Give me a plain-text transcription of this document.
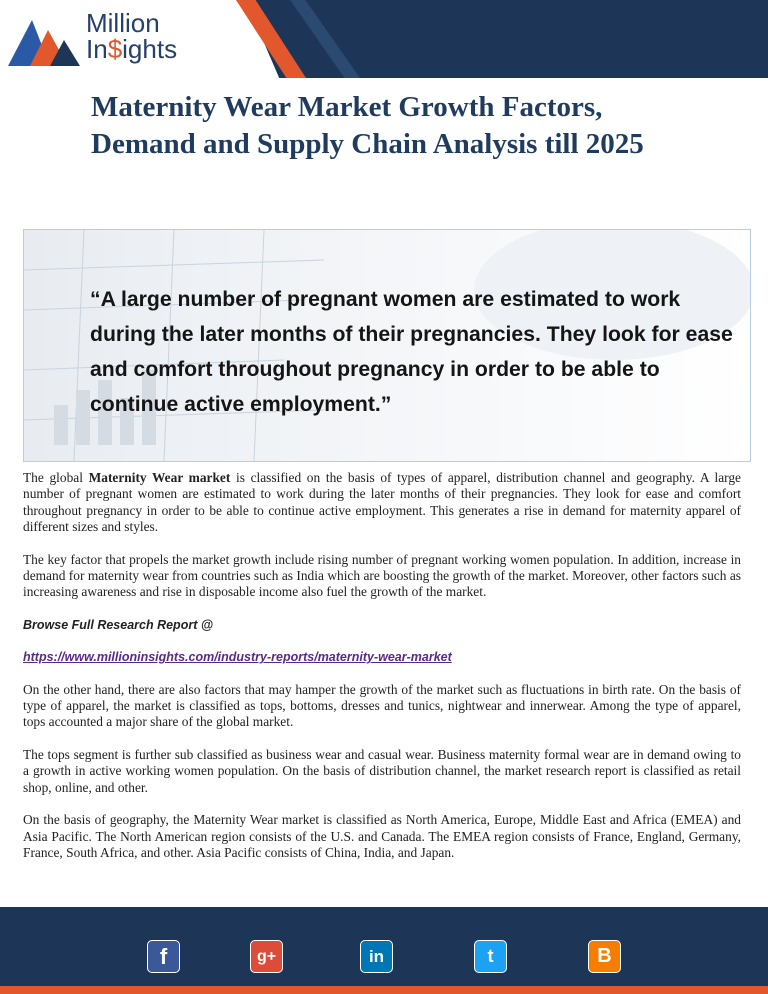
Million
In$ights
Maternity Wear Market Growth Factors, Demand and Supply Chain Analysis till 2025

“A large number of pregnant women are estimated to work during the later months of their pregnancies. They look for ease and comfort throughout pregnancy in order to be able to continue active employment.”

The global Maternity Wear market is classified on the basis of types of apparel, distribution channel and geography. A large number of pregnant women are estimated to work during the later months of their pregnancies. They look for ease and comfort throughout pregnancy in order to be able to continue active employment. This generates a rise in demand for maternity apparel of different sizes and styles.

The key factor that propels the market growth include rising number of pregnant working women population. In addition, increase in demand for maternity wear from countries such as India which are boosting the growth of the market. Moreover, other factors such as increasing awareness and rise in disposable income also fuel the growth of the market.

Browse Full Research Report @

https://www.millioninsights.com/industry-reports/maternity-wear-market

On the other hand, there are also factors that may hamper the growth of the market such as fluctuations in birth rate. On the basis of type of apparel, the market is classified as tops, bottoms, dresses and tunics, nightwear and innerwear. Among the type of apparel, tops accounted a major share of the global market.

The tops segment is further sub classified as business wear and casual wear. Business maternity formal wear are in demand owing to a growth in active working women population. On the basis of distribution channel, the market research report is classified as retail shop, online, and other.

On the basis of geography, the Maternity Wear market is classified as North America, Europe, Middle East and Africa (EMEA) and Asia Pacific. The North American region consists of the U.S. and Canada. The EMEA region consists of France, England, Germany, France, South Africa, and other. Asia Pacific consists of China, India, and Japan.

f	g+	in	t	B
